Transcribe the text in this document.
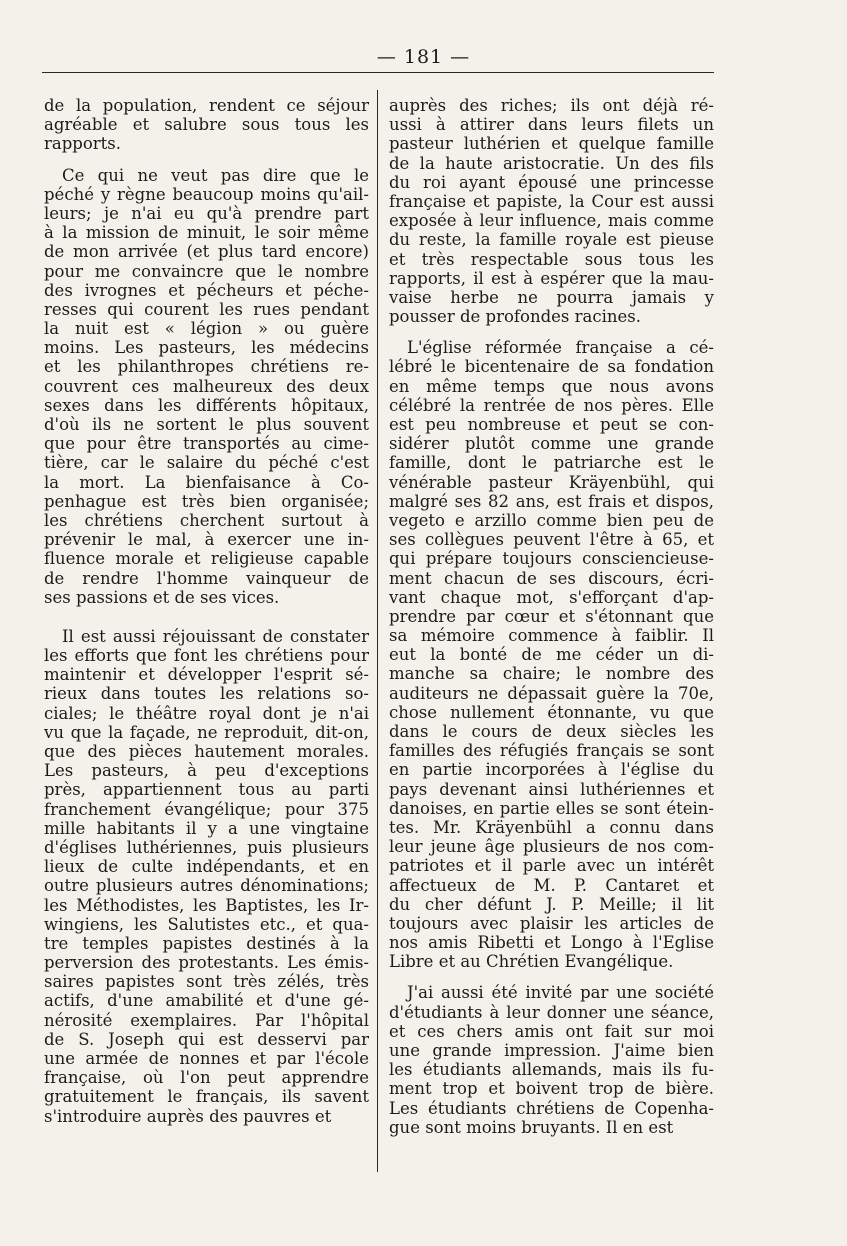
— 181 —
de la population, rendent ce séjour
agréable et salubre sous tous les
rapports.
Ce qui ne veut pas dire que le
péché y règne beaucoup moins qu'ail-
leurs; je n'ai eu qu'à prendre part
à la mission de minuit, le soir même
de mon arrivée (et plus tard encore)
pour me convaincre que le nombre
des ivrognes et pécheurs et péche-
resses qui courent les rues pendant
la nuit est « légion » ou guère
moins. Les pasteurs, les médecins
et les philanthropes chrétiens re-
couvrent ces malheureux des deux
sexes dans les différents hôpitaux,
d'où ils ne sortent le plus souvent
que pour être transportés au cime-
tière, car le salaire du péché c'est
la mort. La bienfaisance à Co-
penhague est très bien organisée;
les chrétiens cherchent surtout à
prévenir le mal, à exercer une in-
fluence morale et religieuse capable
de rendre l'homme vainqueur de
ses passions et de ses vices.
Il est aussi réjouissant de constater
les efforts que font les chrétiens pour
maintenir et développer l'esprit sé-
rieux dans toutes les relations so-
ciales; le théâtre royal dont je n'ai
vu que la façade, ne reproduit, dit-on,
que des pièces hautement morales.
Les pasteurs, à peu d'exceptions
près, appartiennent tous au parti
franchement évangélique; pour 375
mille habitants il y a une vingtaine
d'églises luthériennes, puis plusieurs
lieux de culte indépendants, et en
outre plusieurs autres dénominations;
les Méthodistes, les Baptistes, les Ir-
wingiens, les Salutistes etc., et qua-
tre temples papistes destinés à la
perversion des protestants. Les émis-
saires papistes sont très zélés, très
actifs, d'une amabilité et d'une gé-
nérosité exemplaires. Par l'hôpital
de S. Joseph qui est desservi par
une armée de nonnes et par l'école
française, où l'on peut apprendre
gratuitement le français, ils savent
s'introduire auprès des pauvres et
auprès des riches; ils ont déjà ré-
ussi à attirer dans leurs filets un
pasteur luthérien et quelque famille
de la haute aristocratie. Un des fils
du roi ayant épousé une princesse
française et papiste, la Cour est aussi
exposée à leur influence, mais comme
du reste, la famille royale est pieuse
et très respectable sous tous les
rapports, il est à espérer que la mau-
vaise herbe ne pourra jamais y
pousser de profondes racines.
L'église réformée française a cé-
lébré le bicentenaire de sa fondation
en même temps que nous avons
célébré la rentrée de nos pères. Elle
est peu nombreuse et peut se con-
sidérer plutôt comme une grande
famille, dont le patriarche est le
vénérable pasteur Kräyenbühl, qui
malgré ses 82 ans, est frais et dispos,
vegeto e arzillo comme bien peu de
ses collègues peuvent l'être à 65, et
qui prépare toujours consciencieuse-
ment chacun de ses discours, écri-
vant chaque mot, s'efforçant d'ap-
prendre par cœur et s'étonnant que
sa mémoire commence à faiblir. Il
eut la bonté de me céder un di-
manche sa chaire; le nombre des
auditeurs ne dépassait guère la 70e,
chose nullement étonnante, vu que
dans le cours de deux siècles les
familles des réfugiés français se sont
en partie incorporées à l'église du
pays devenant ainsi luthériennes et
danoises, en partie elles se sont étein-
tes. Mr. Kräyenbühl a connu dans
leur jeune âge plusieurs de nos com-
patriotes et il parle avec un intérêt
affectueux de M. P. Cantaret et
du cher défunt J. P. Meille; il lit
toujours avec plaisir les articles de
nos amis Ribetti et Longo à l'Eglise
Libre et au Chrétien Evangélique.
J'ai aussi été invité par une société
d'étudiants à leur donner une séance,
et ces chers amis ont fait sur moi
une grande impression. J'aime bien
les étudiants allemands, mais ils fu-
ment trop et boivent trop de bière.
Les étudiants chrétiens de Copenha-
gue sont moins bruyants. Il en est
